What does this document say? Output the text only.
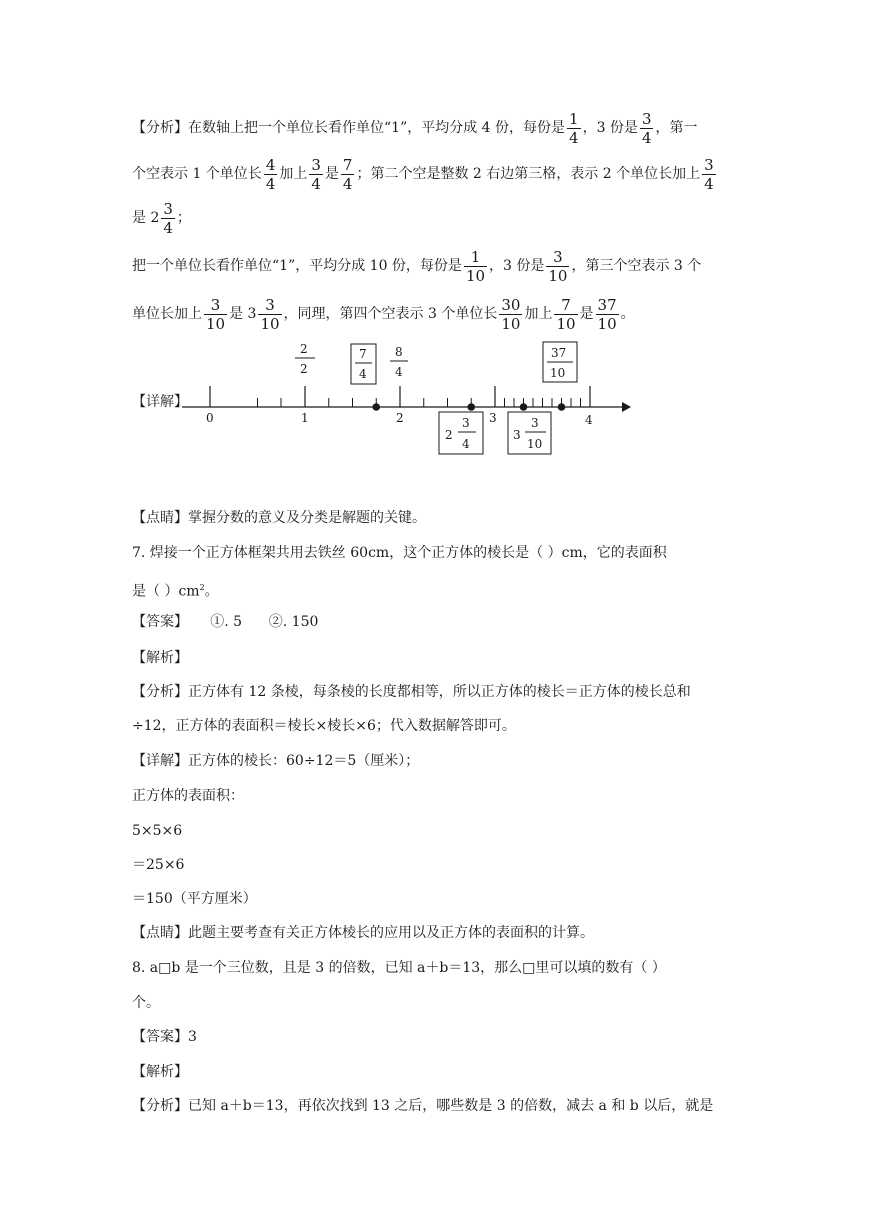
【分析】在数轴上把一个单位长看作单位“1”，平均分成 4 份，每份是 $\frac{1}{4}$ ，3 份是 $\frac{3}{4}$ ，第一
个空表示 1 个单位长 $\frac{4}{4}$ 加上 $\frac{3}{4}$ 是 $\frac{7}{4}$ ；第二个空是整数 2 右边第三格，表示 2 个单位长加上 $\frac{3}{4}$
是 $2 \frac{3}{4}$ ；
把一个单位长看作单位“1”，平均分成 10 份，每份是 $\frac{1}{10}$ ，3 份是 $\frac{3}{10}$ ，第三个空表示 3 个
单位长加上 $\frac{3}{10}$ 是 $3 \frac{3}{10}$ ，同理，第四个空表示 3 个单位长 $\frac{30}{10}$ 加上 $\frac{7}{10}$ 是 $\frac{37}{10}$ 。
【详解】
0	1	2	3	4
2
2
7
4
8
4
37
10
2
3
4
3
3
10
【点睛】掌握分数的意义及分类是解题的关键。
7. 焊接一个正方体框架共用去铁丝 60cm，这个正方体的棱长是（ ）cm，它的表面积
是（ ）$cm^2$。
【答案】     ①. 5      ②. 150
【解析】
【分析】正方体有 12 条棱，每条棱的长度都相等，所以正方体的棱长＝正方体的棱长总和
÷12，正方体的表面积＝棱长×棱长×6；代入数据解答即可。
【详解】正方体的棱长：60÷12＝5（厘米）；
正方体的表面积：
5×5×6
＝25×6
＝150（平方厘米）
【点睛】此题主要考查有关正方体棱长的应用以及正方体的表面积的计算。
8. a□b 是一个三位数，且是 3 的倍数，已知 a＋b＝13，那么□里可以填的数有（ ）
个。
【答案】3
【解析】
【分析】已知 a＋b＝13，再依次找到 13 之后，哪些数是 3 的倍数，减去 a 和 b 以后，就是
